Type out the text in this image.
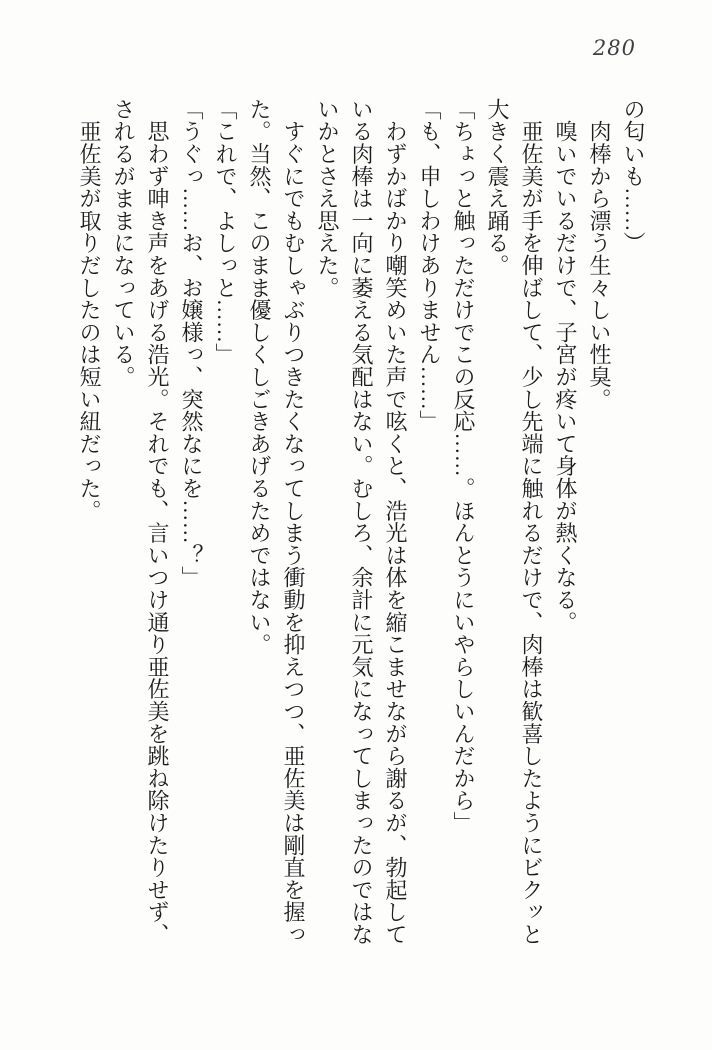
280

の匂いも……）

　肉棒から漂う生々しい性臭。

　嗅いでいるだけで、子宮が疼いて身体が熱くなる。

　亜佐美が手を伸ばして、少し先端に触れるだけで、肉棒は歓喜したようにビクッと

大きく震え踊る。

「ちょっと触っただけでこの反応……。ほんとうにいやらしいんだから」

「も、申しわけありません……」

　わずかばかり嘲笑めいた声で呟くと、浩光は体を縮こませながら謝るが、勃起して

いる肉棒は一向に萎える気配はない。むしろ、余計に元気になってしまったのではな

いかとさえ思えた。

　すぐにでもむしゃぶりつきたくなってしまう衝動を抑えつつ、亜佐美は剛直を握っ

た。当然、このまま優しくしごきあげるためではない。

「これで、よしっと……」

「うぐっ……お、お嬢様っ、突然なにを……？」

　思わず呻き声をあげる浩光。それでも、言いつけ通り亜佐美を跳ね除けたりせず、

されるがままになっている。

　亜佐美が取りだしたのは短い紐だった。
